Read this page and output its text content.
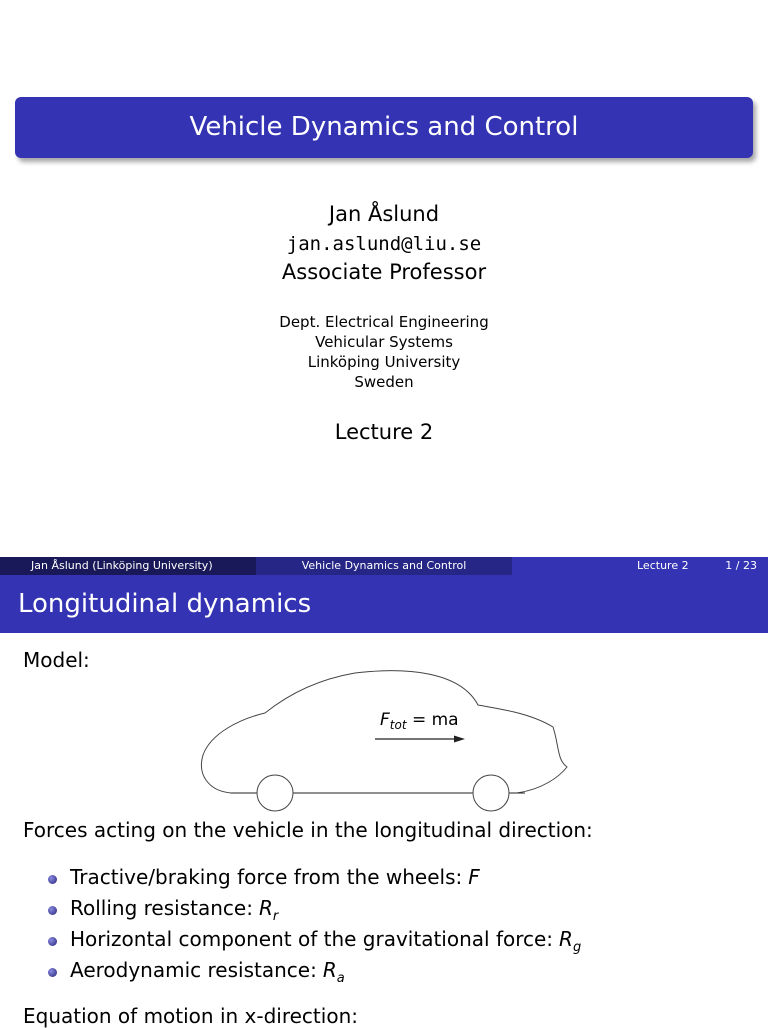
Vehicle Dynamics and Control
Jan Åslund
jan.aslund@liu.se
Associate Professor
Dept. Electrical Engineering
Vehicular Systems
Linköping University
Sweden
Lecture 2
Jan Åslund (Linköping University)	Vehicle Dynamics and Control	Lecture 2	1 / 23
Longitudinal dynamics
Model:
$F_{tot}$ = ma
Forces acting on the vehicle in the longitudinal direction:
Tractive/braking force from the wheels: F
Rolling resistance: $R_r$
Horizontal component of the gravitational force: $R_g$
Aerodynamic resistance: $R_a$
Equation of motion in x-direction:
